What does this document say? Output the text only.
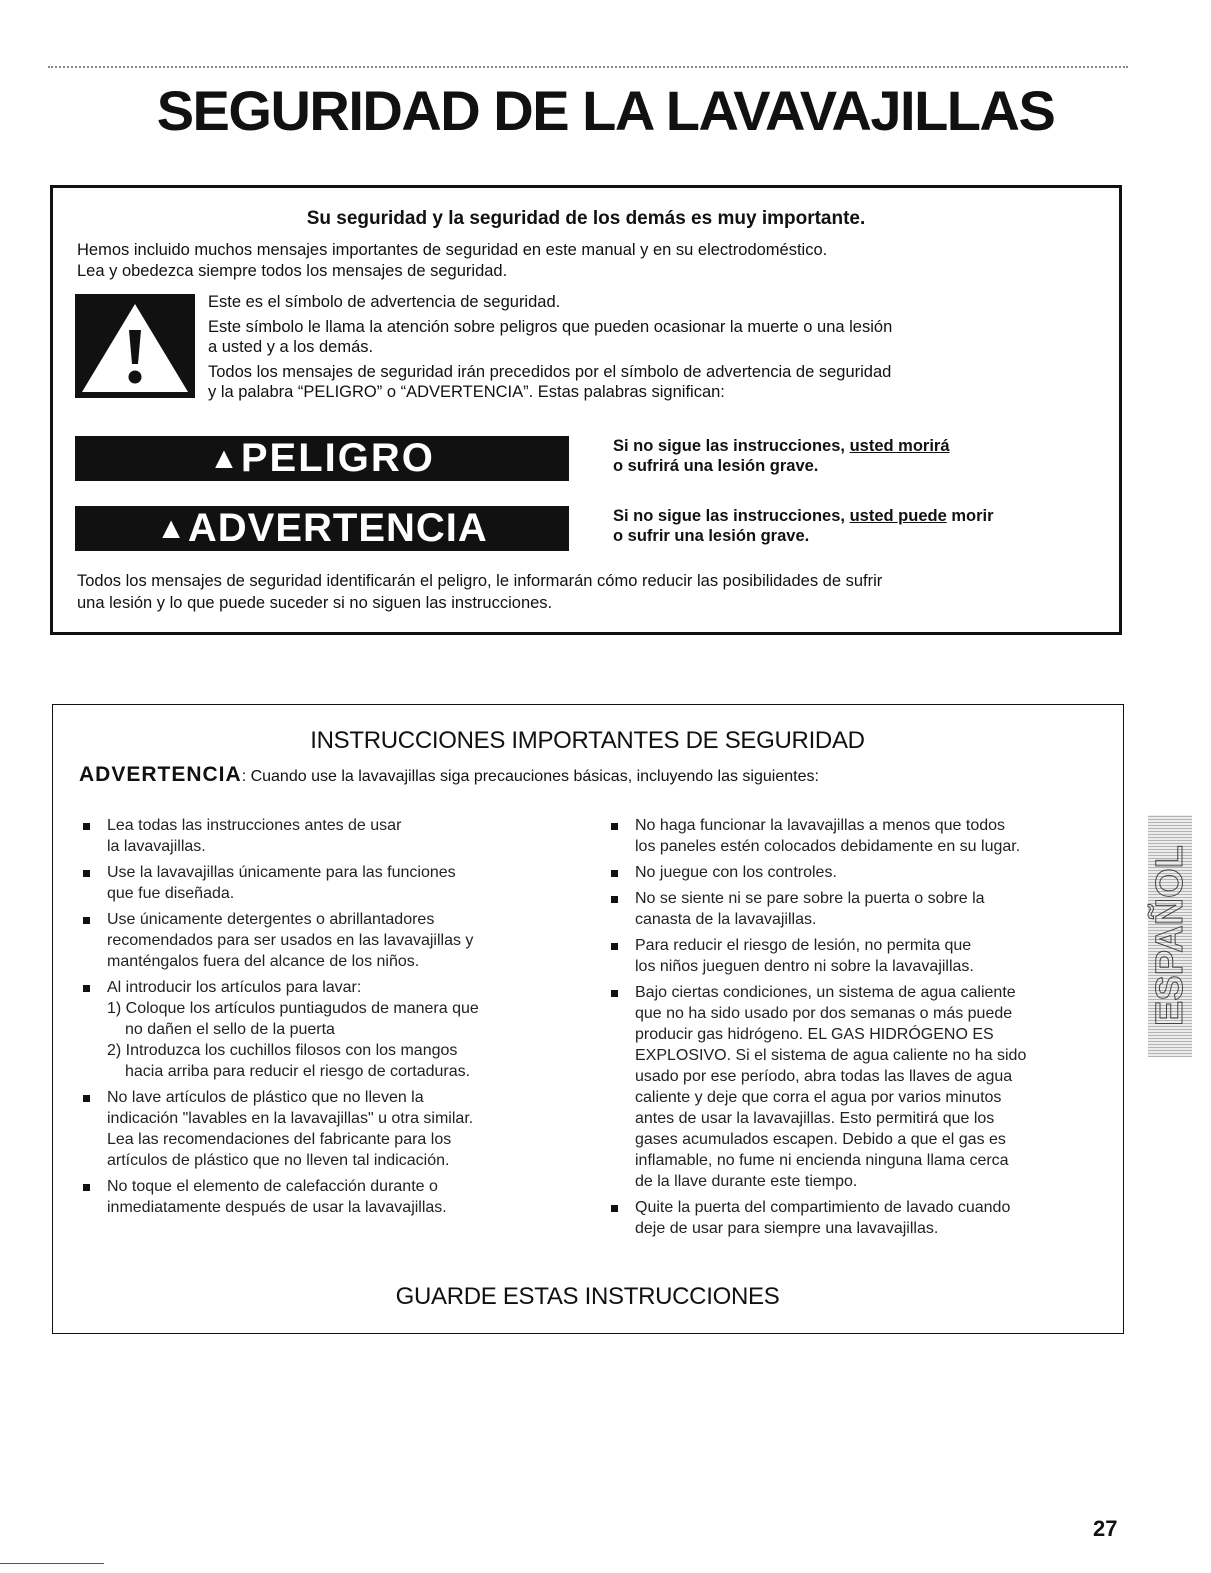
SEGURIDAD DE LA LAVAVAJILLAS
Su seguridad y la seguridad de los demás es muy importante.
Hemos incluido muchos mensajes importantes de seguridad en este manual y en su electrodoméstico.
Lea y obedezca siempre todos los mensajes de seguridad.
Este es el símbolo de advertencia de seguridad.
Este símbolo le llama la atención sobre peligros que pueden ocasionar la muerte o una lesión
a usted y a los demás.
Todos los mensajes de seguridad irán precedidos por el símbolo de advertencia de seguridad
y la palabra “PELIGRO” o “ADVERTENCIA”. Estas palabras significan:
▲PELIGRO	Si no sigue las instrucciones, usted morirá
o sufrirá una lesión grave.
▲ADVERTENCIA	Si no sigue las instrucciones, usted puede morir
o sufrir una lesión grave.
Todos los mensajes de seguridad identificarán el peligro, le informarán cómo reducir las posibilidades de sufrir
una lesión y lo que puede suceder si no siguen las instrucciones.
INSTRUCCIONES IMPORTANTES DE SEGURIDAD

ADVERTENCIA: Cuando use la lavavajillas siga precauciones básicas, incluyendo las siguientes:

Lea todas las instrucciones antes de usar
la lavavajillas.
Use la lavavajillas únicamente para las funciones
que fue diseñada.
Use únicamente detergentes o abrillantadores
recomendados para ser usados en las lavavajillas y
manténgalos fuera del alcance de los niños.
Al introducir los artículos para lavar:
1) Coloque los artículos puntiagudos de manera que
no dañen el sello de la puerta
2) Introduzca los cuchillos filosos con los mangos
hacia arriba para reducir el riesgo de cortaduras.
No lave artículos de plástico que no lleven la
indicación "lavables en la lavavajillas" u otra similar.
Lea las recomendaciones del fabricante para los
artículos de plástico que no lleven tal indicación.
No toque el elemento de calefacción durante o
inmediatamente después de usar la lavavajillas.
No haga funcionar la lavavajillas a menos que todos
los paneles estén colocados debidamente en su lugar.
No juegue con los controles.
No se siente ni se pare sobre la puerta o sobre la
canasta de la lavavajillas.
Para reducir el riesgo de lesión, no permita que
los niños jueguen dentro ni sobre la lavavajillas.
Bajo ciertas condiciones, un sistema de agua caliente
que no ha sido usado por dos semanas o más puede
producir gas hidrógeno. EL GAS HIDRÓGENO ES
EXPLOSIVO. Si el sistema de agua caliente no ha sido
usado por ese período, abra todas las llaves de agua
caliente y deje que corra el agua por varios minutos
antes de usar la lavavajillas. Esto permitirá que los
gases acumulados escapen. Debido a que el gas es
inflamable, no fume ni encienda ninguna llama cerca
de la llave durante este tiempo.
Quite la puerta del compartimiento de lavado cuando
deje de usar para siempre una lavavajillas.
GUARDE ESTAS INSTRUCCIONES
ESPAÑOL

27
